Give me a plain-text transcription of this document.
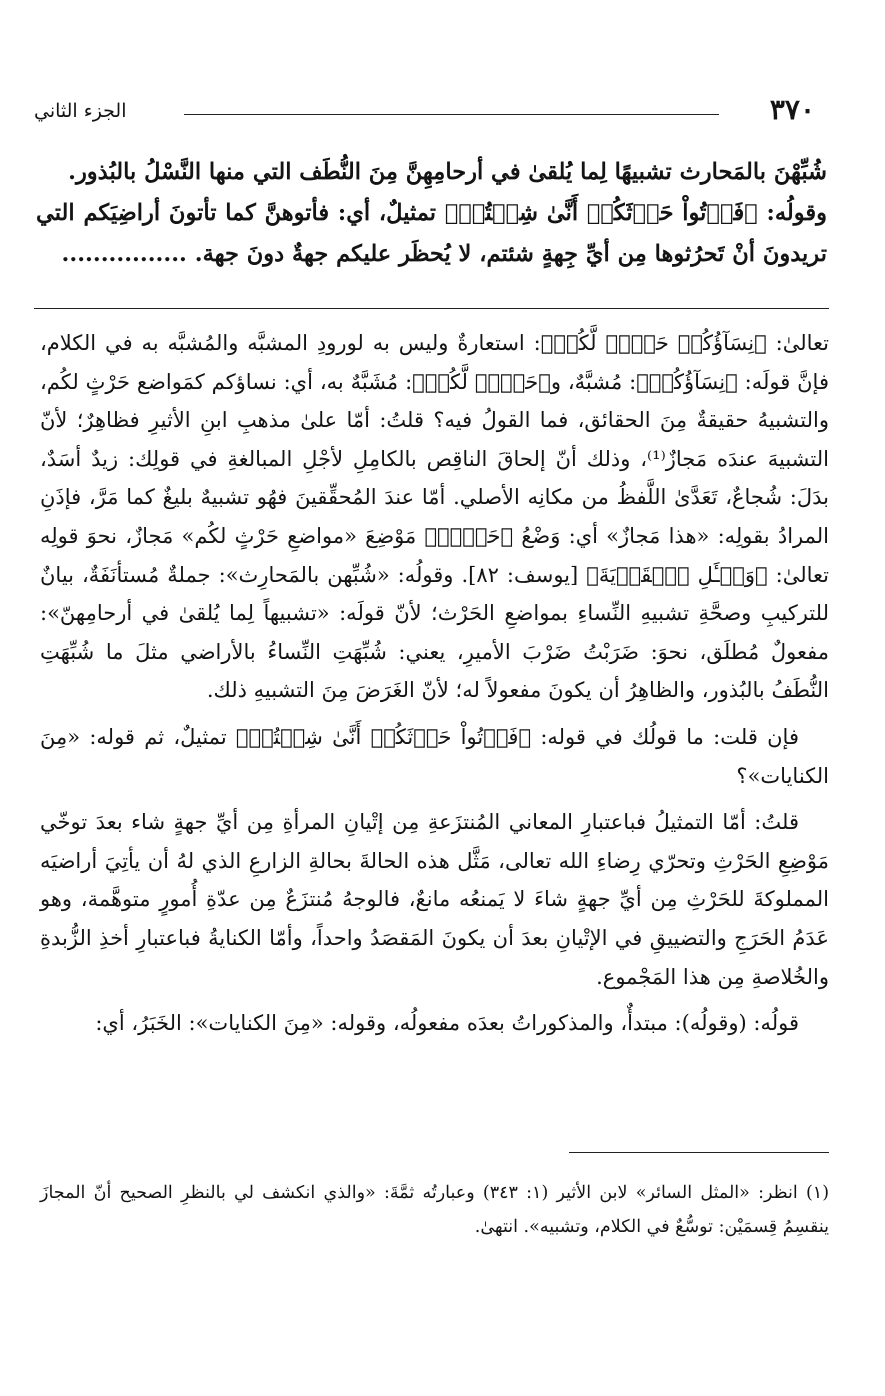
٣٧٠
الجزء الثاني

شُبِّهْنَ بالمَحارث تشبيهًا لِما يُلقىٰ في أرحامِهِنَّ مِنَ النُّطَف التي منها النَّسْلُ بالبُذور.

وقولُه: ﴿فَأۡتُواْ حَرۡثَكُمۡ أَنَّىٰ شِئۡتُمۡ﴾ تمثيلٌ، أي: فأتوهنَّ كما تأتونَ أراضِيَكم التي تريدونَ أنْ تَحرُثوها مِن أيِّ جِهةٍ شئتم، لا يُحظَر عليكم جهةٌ دونَ جهة. ................

تعالىٰ: ﴿نِسَآؤُكُمۡ حَرۡثٞ لَّكُمۡ﴾: استعارةٌ وليس به لورودِ المشبَّه والمُشبَّه به في الكلام، فإنَّ قولَه: ﴿نِسَآؤُكُمۡ﴾: مُشبَّهٌ، و﴿حَرۡثٞ لَّكُمۡ﴾: مُشَبَّهٌ به، أي: نساؤكم كمَواضع حَرْثٍ لكُم، والتشبيهُ حقيقةٌ مِنَ الحقائق، فما القولُ فيه؟ قلتُ: أمّا علىٰ مذهبِ ابنِ الأثيرِ فظاهِرٌ؛ لأنّ التشبيهَ عندَه مَجازٌ⁽¹⁾، وذلك أنّ إلحاقَ الناقِص بالكامِلِ لأجْلِ المبالغةِ في قولِك: زيدٌ أسَدٌ، بدَلَ: شُجاعٌ، تَعَدَّىٰ اللَّفظُ من مكانِه الأصلي. أمّا عندَ المُحقِّقينَ فهُو تشبيهٌ بليغٌ كما مَرَّ، فإذَنِ المرادُ بقولِه: «هذا مَجازٌ» أي: وَضْعُ ﴿حَرۡثٞ﴾ مَوْضِعَ «مواضعِ حَرْثٍ لكُم» مَجازٌ، نحوَ قولِه تعالىٰ: ﴿وَسۡـَٔلِ ٱلۡقَرۡيَةَ﴾ [يوسف: ٨٢]. وقولُه: «شُبِّهن بالمَحارِث»: جملةٌ مُستأنَفَةٌ، بيانٌ للتركيبِ وصحَّةِ تشبيهِ النِّساءِ بمواضعِ الحَرْث؛ لأنّ قولَه: «تشبيهاً لِما يُلقىٰ في أرحامِهنّ»: مفعولٌ مُطلَق، نحوَ: ضَرَبْتُ ضَرْبَ الأميرِ، يعني: شُبِّهَتِ النِّساءُ بالأراضي مثلَ ما شُبِّهَتِ النُّطَفُ بالبُذور، والظاهِرُ أن يكونَ مفعولاً له؛ لأنّ الغَرَضَ مِنَ التشبيهِ ذلك.

فإن قلت: ما قولُك في قوله: ﴿فَأۡتُواْ حَرۡثَكُمۡ أَنَّىٰ شِئۡتُمۡ﴾ تمثيلٌ، ثم قوله: «مِنَ الكنايات»؟

قلتُ: أمّا التمثيلُ فباعتبارِ المعاني المُنتزَعةِ مِن إتْيانِ المرأةِ مِن أيِّ جهةٍ شاء بعدَ توخّي مَوْضِعِ الحَرْثِ وتحرّي رِضاءِ الله تعالى، مَثَّل هذه الحالةَ بحالةِ الزارعِ الذي لهُ أن يأتِيَ أراضيَه المملوكةَ للحَرْثِ مِن أيِّ جهةٍ شاءَ لا يَمنعُه مانعٌ، فالوجهُ مُنتزَعٌ مِن عدّةِ أُمورٍ متوهَّمة، وهو عَدَمُ الحَرَجِ والتضييقِ في الإتْيانِ بعدَ أن يكونَ المَقصَدُ واحداً، وأمّا الكنايةُ فباعتبارِ أخذِ الزُّبدةِ والخُلاصةِ مِن هذا المَجْموع.

قولُه: (وقولُه): مبتدأٌ، والمذكوراتُ بعدَه مفعولُه، وقوله: «مِنَ الكنايات»: الخَبَرُ، أي:

(١) انظر: «المثل السائر» لابن الأثير (١: ٣٤٣) وعبارتُه ثمَّةَ: «والذي انكشف لي بالنظرِ الصحيح أنّ المجازَ ينقسِمُ قِسمَيْن: توسُّعٌ في الكلام، وتشبيه». انتهىٰ.
